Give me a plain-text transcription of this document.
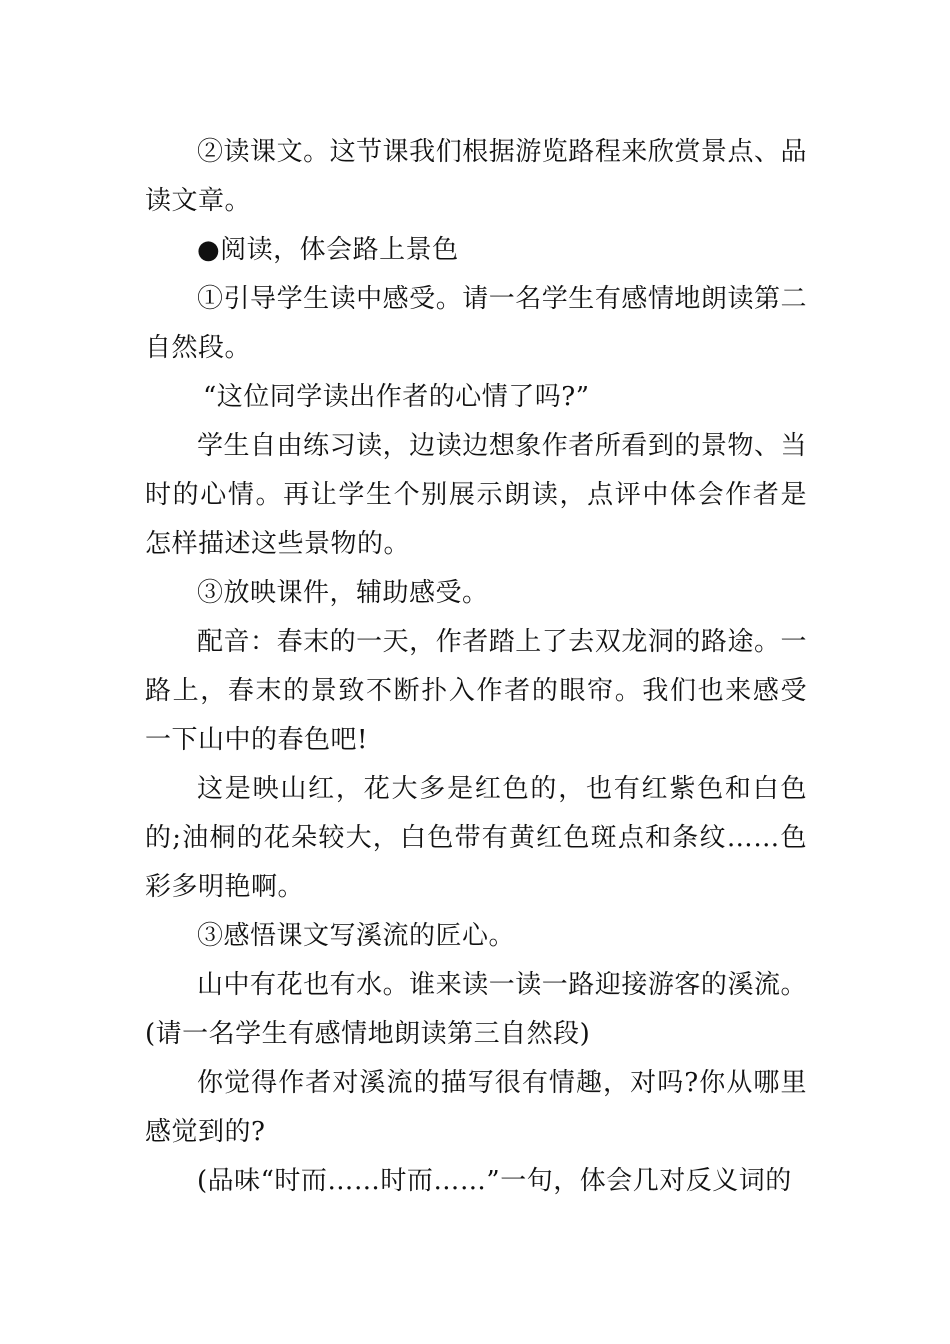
②读课文。这节课我们根据游览路程来欣赏景点、品读文章。

●阅读，体会路上景色

①引导学生读中感受。请一名学生有感情地朗读第二自然段。

“这位同学读出作者的心情了吗?”

学生自由练习读，边读边想象作者所看到的景物、当时的心情。再让学生个别展示朗读，点评中体会作者是怎样描述这些景物的。

③放映课件，辅助感受。

配音：春末的一天，作者踏上了去双龙洞的路途。一路上，春末的景致不断扑入作者的眼帘。我们也来感受一下山中的春色吧!

这是映山红，花大多是红色的，也有红紫色和白色的;油桐的花朵较大，白色带有黄红色斑点和条纹……色彩多明艳啊。

③感悟课文写溪流的匠心。

山中有花也有水。谁来读一读一路迎接游客的溪流。(请一名学生有感情地朗读第三自然段)

你觉得作者对溪流的描写很有情趣，对吗?你从哪里感觉到的?

(品味“时而……时而……”一句，体会几对反义词的
